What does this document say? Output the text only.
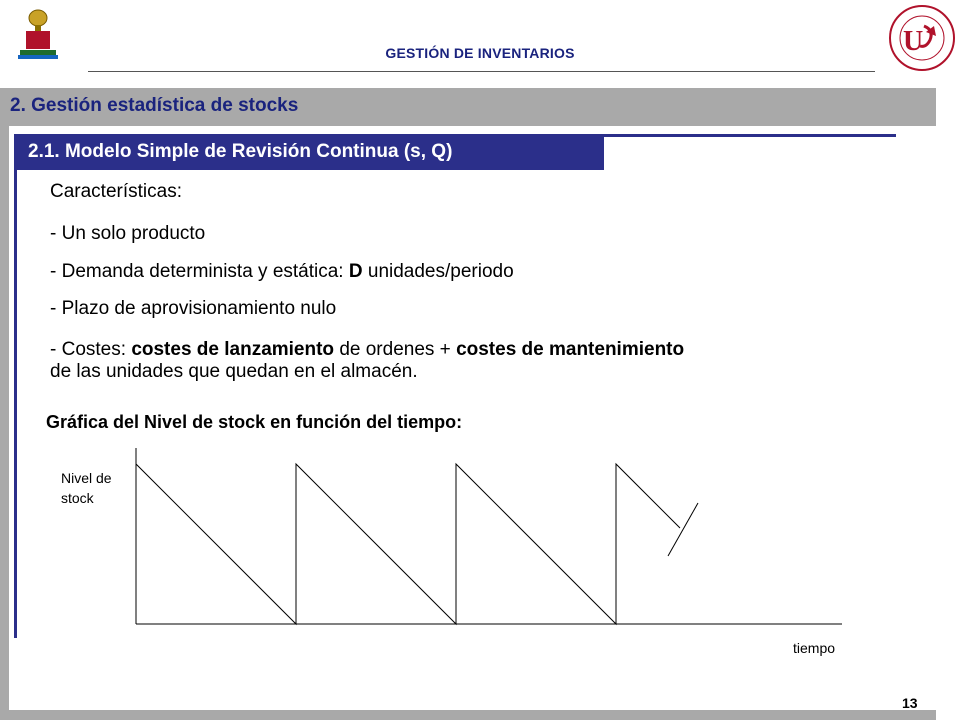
U
GESTIÓN DE INVENTARIOS
2. Gestión estadística de stocks
2.1. Modelo Simple de Revisión Continua (s, Q)
Características:
- Un solo producto
- Demanda determinista y estática: D unidades/periodo
- Plazo de aprovisionamiento nulo
- Costes: costes de lanzamiento de ordenes + costes de mantenimiento
de las unidades que quedan en el almacén.
Gráfica del Nivel de stock en función del tiempo:
Nivel de
stock
tiempo
13
